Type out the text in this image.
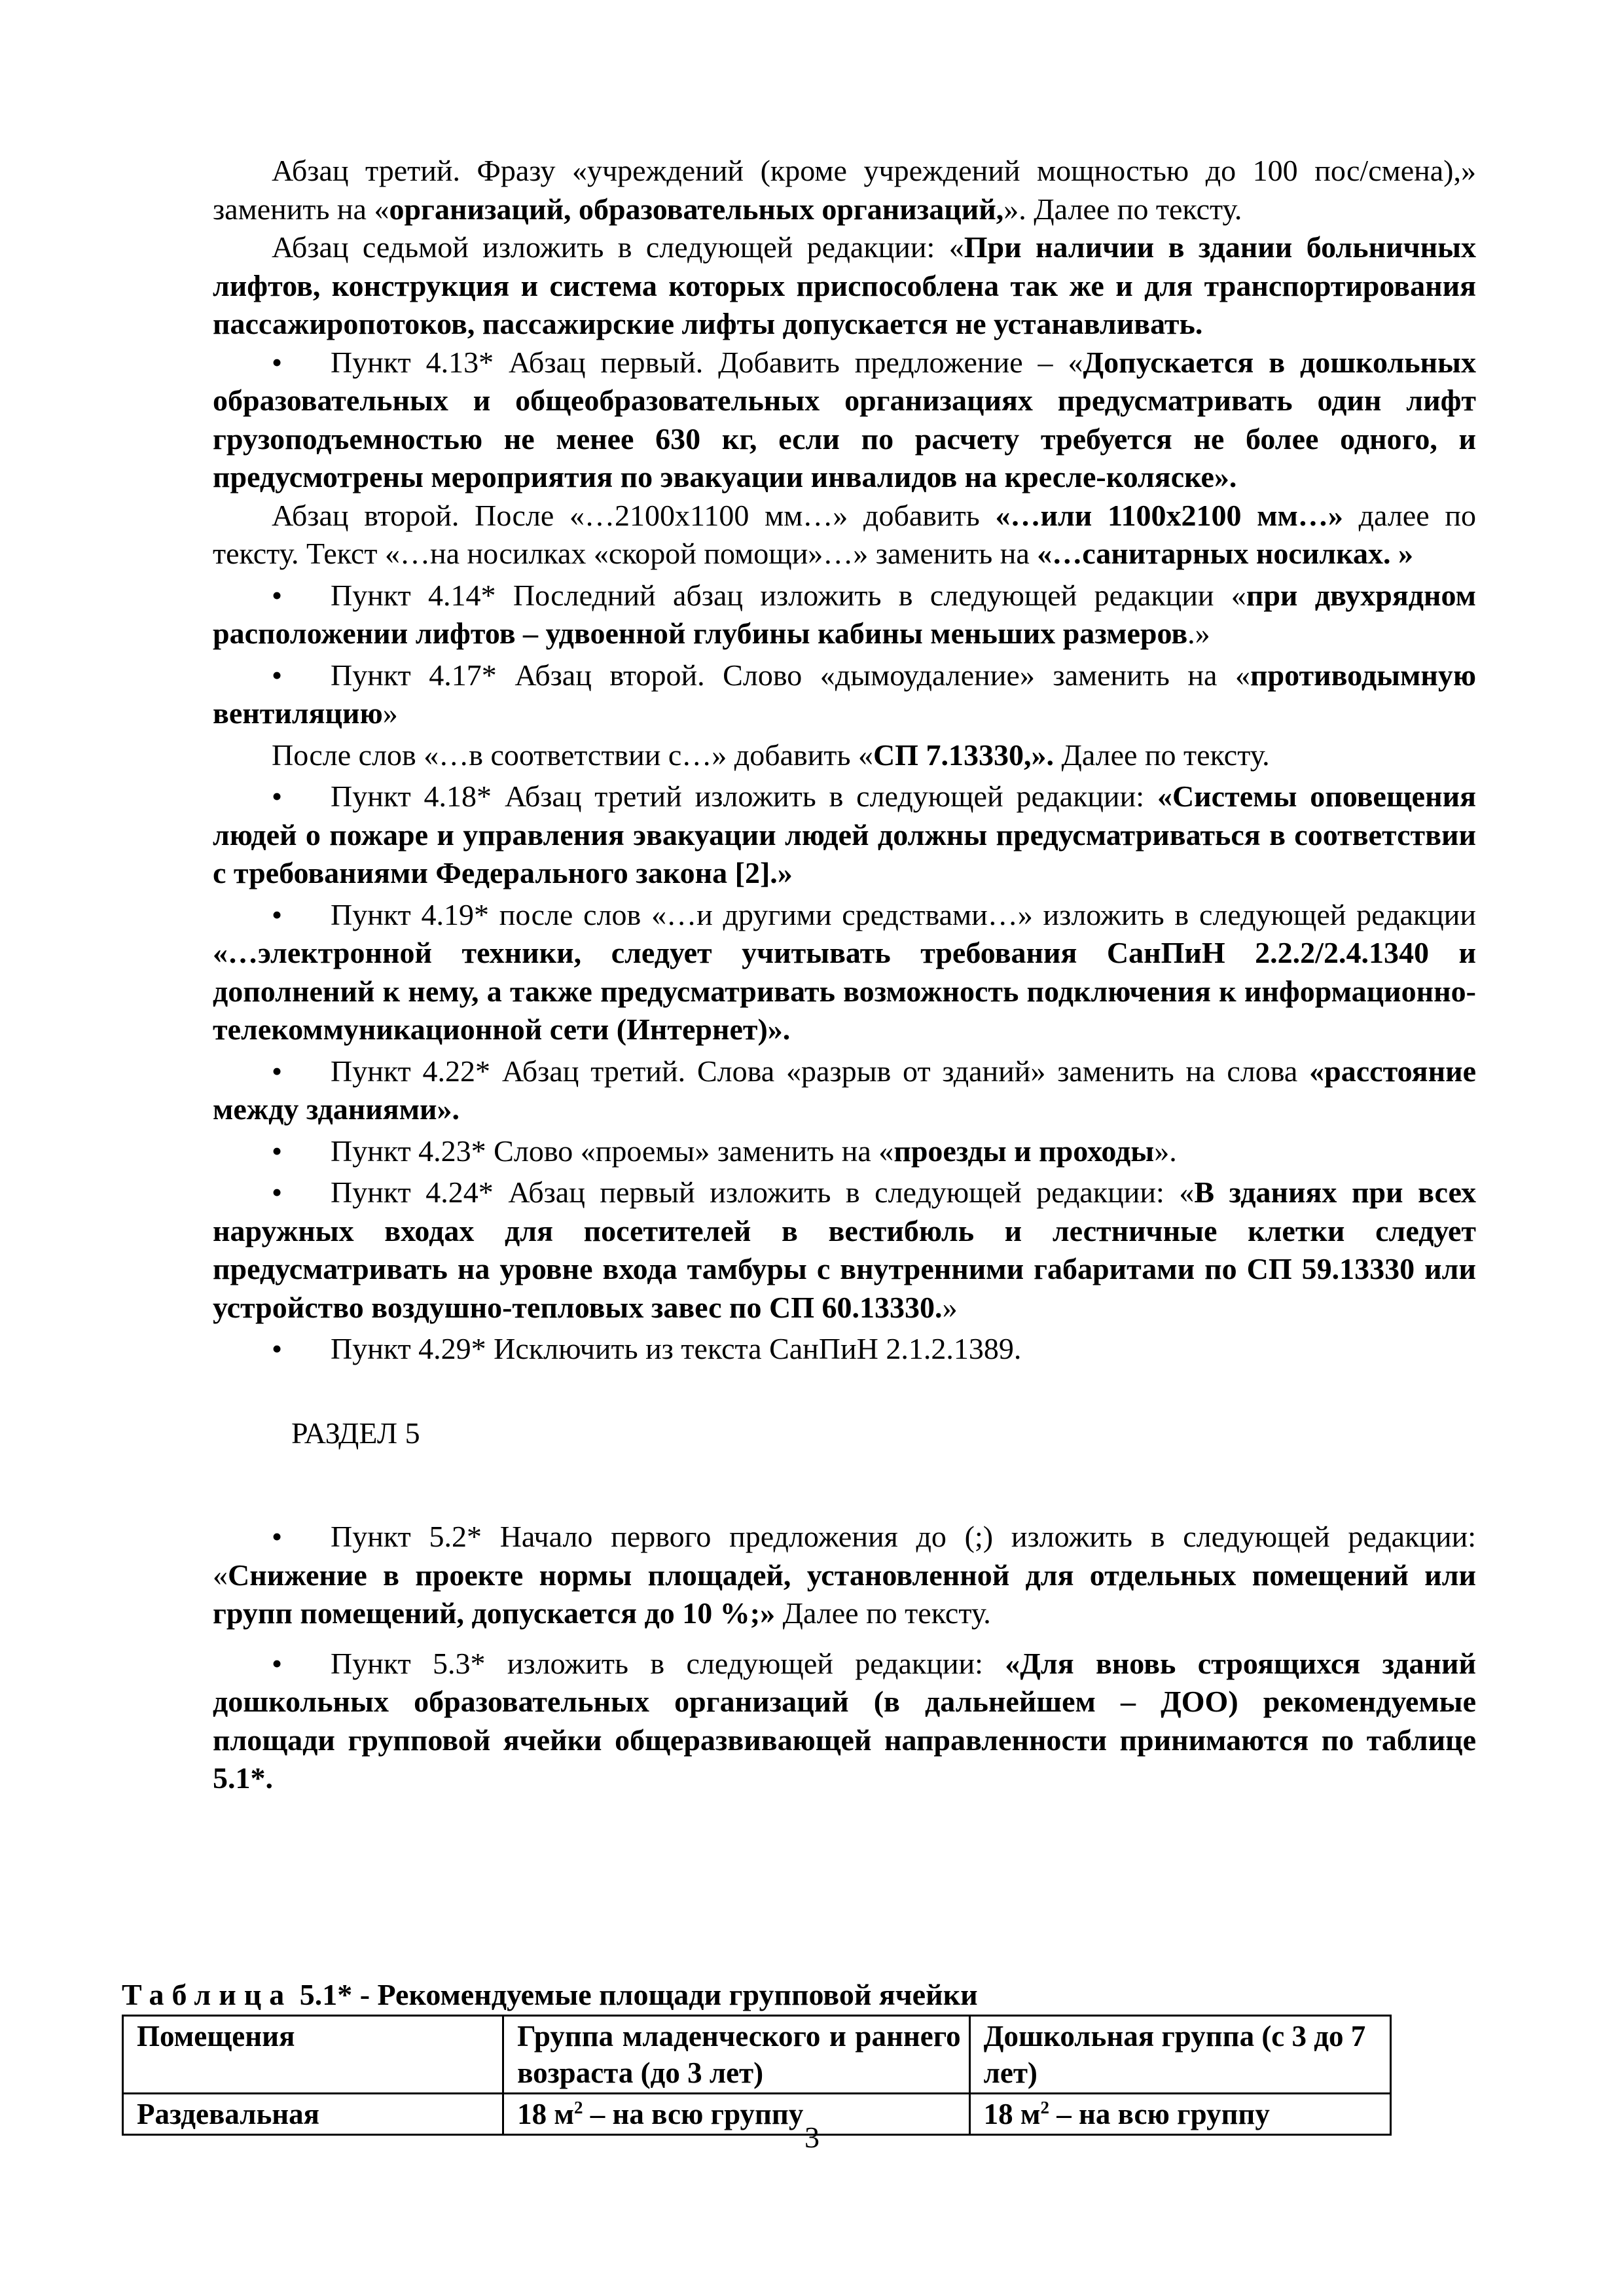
Абзац третий. Фразу «учреждений (кроме учреждений мощностью до 100 пос/смена),» заменить на «организаций, образовательных организаций,». Далее по тексту.

Абзац седьмой изложить в следующей редакции: «При наличии в здании больничных лифтов, конструкция и система которых приспособлена так же и для транспортирования пассажиропотоков, пассажирские лифты допускается не устанавливать.

• Пункт 4.13* Абзац первый. Добавить предложение – «Допускается в дошкольных образовательных и общеобразовательных организациях предусматривать один лифт грузоподъемностью не менее 630 кг, если по расчету требуется не более одного, и предусмотрены мероприятия по эвакуации инвалидов на кресле-коляске».

Абзац второй. После «…2100х1100 мм…» добавить «…или 1100х2100 мм…» далее по тексту. Текст «…на носилках «скорой помощи»…» заменить на «…санитарных носилках. »

• Пункт 4.14* Последний абзац изложить в следующей редакции «при двухрядном расположении лифтов – удвоенной глубины кабины меньших размеров.»

• Пункт 4.17* Абзац второй. Слово «дымоудаление» заменить на «противодымную вентиляцию»

После слов «…в соответствии с…» добавить «СП 7.13330,». Далее по тексту.

• Пункт 4.18* Абзац третий изложить в следующей редакции: «Системы оповещения людей о пожаре и управления эвакуации людей должны предусматриваться в соответствии с требованиями Федерального закона [2].»

• Пункт 4.19* после слов «…и другими средствами…» изложить в следующей редакции «…электронной техники, следует учитывать требования СанПиН 2.2.2/2.4.1340 и дополнений к нему, а также предусматривать возможность подключения к информационно-телекоммуникационной сети (Интернет)».

• Пункт 4.22* Абзац третий. Слова «разрыв от зданий» заменить на слова «расстояние между зданиями».

• Пункт 4.23* Слово «проемы» заменить на «проезды и проходы».

• Пункт 4.24* Абзац первый изложить в следующей редакции: «В зданиях при всех наружных входах для посетителей в вестибюль и лестничные клетки следует предусматривать на уровне входа тамбуры с внутренними габаритами по СП 59.13330 или устройство воздушно-тепловых завес по СП 60.13330.»

• Пункт 4.29* Исключить из текста СанПиН 2.1.2.1389.

РАЗДЕЛ 5

• Пункт 5.2* Начало первого предложения до (;) изложить в следующей редакции: «Снижение в проекте нормы площадей, установленной для отдельных помещений или групп помещений, допускается до 10 %;» Далее по тексту.

• Пункт 5.3* изложить в следующей редакции: «Для вновь строящихся зданий дошкольных образовательных организаций (в дальнейшем – ДОО) рекомендуемые площади групповой ячейки общеразвивающей направленности принимаются по таблице 5.1*.

Таблица 5.1* - Рекомендуемые площади групповой ячейки
Помещения	Группа младенческого и раннего возраста (до 3 лет)	Дошкольная группа (с 3 до 7 лет)
Раздевальная	18 $м^2$ – на всю группу	18 $м^2$ – на всю группу
3
